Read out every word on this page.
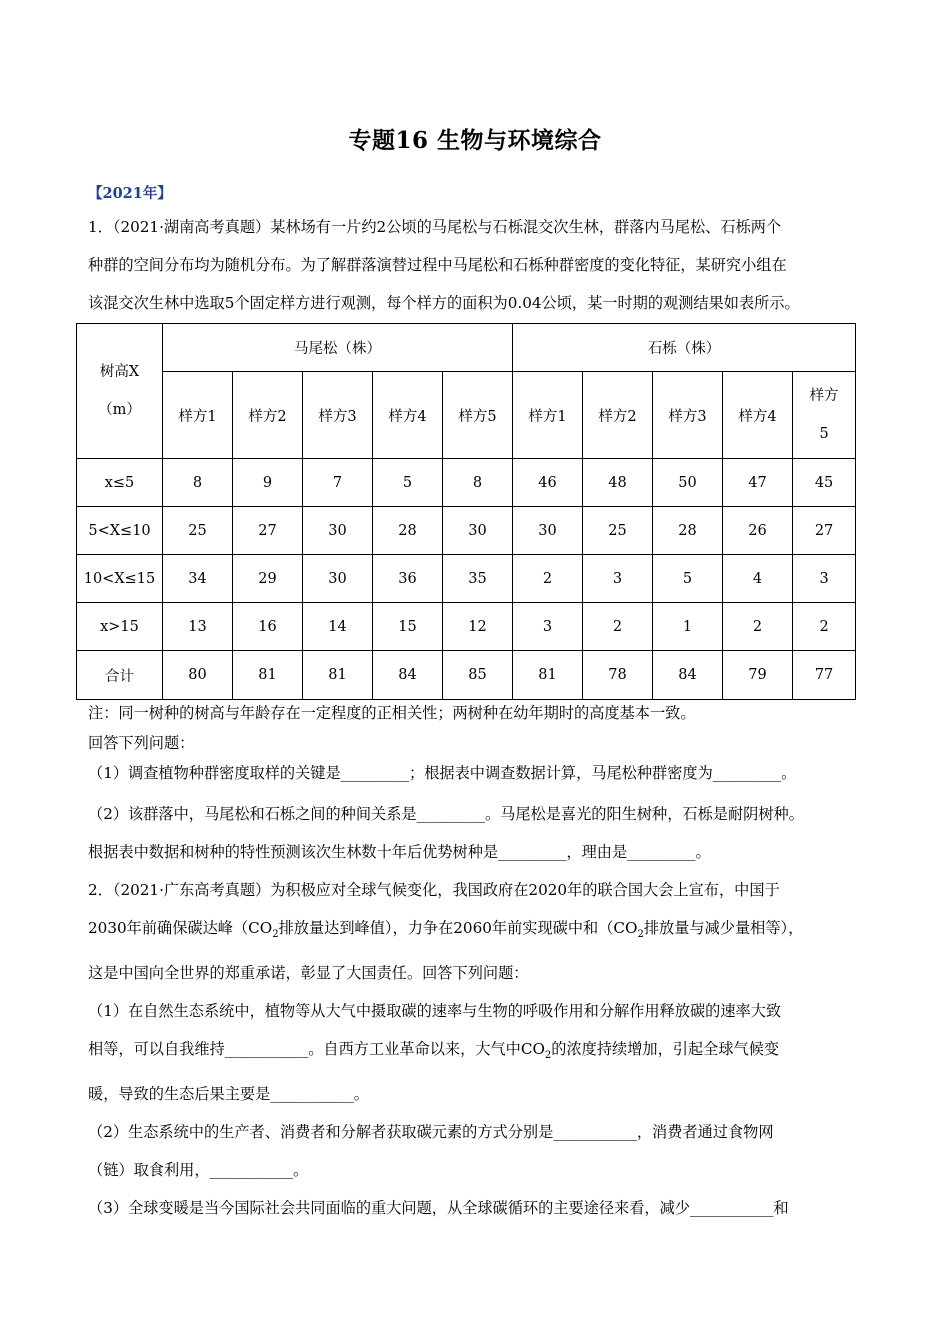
专题16 生物与环境综合
【2021年】

1．（2021·湖南高考真题）某林场有一片约2公顷的马尾松与石栎混交次生林，群落内马尾松、石栎两个
种群的空间分布均为随机分布。为了解群落演替过程中马尾松和石栎种群密度的变化特征，某研究小组在
该混交次生林中选取5个固定样方进行观测，每个样方的面积为0.04公顷，某一时期的观测结果如表所示。

树高X（m）	马尾松（株）					石栎（株）				
	样方1	样方2	样方3	样方4	样方5	样方1	样方2	样方3	样方4	样方5
x≤5	8	9	7	5	8	46	48	50	47	45
5<X≤10	25	27	30	28	30	30	25	28	26	27
10<X≤15	34	29	30	36	35	2	3	5	4	3
x>15	13	16	14	15	12	3	2	1	2	2
合计	80	81	81	84	85	81	78	84	79	77

注：同一树种的树高与年龄存在一定程度的正相关性；两树种在幼年期时的高度基本一致。
回答下列问题：
（1）调查植物种群密度取样的关键是_________；根据表中调查数据计算，马尾松种群密度为_________。

（2）该群落中，马尾松和石栎之间的种间关系是_________。马尾松是喜光的阳生树种，石栎是耐阴树种。
根据表中数据和树种的特性预测该次生林数十年后优势树种是_________，理由是_________。
2．（2021·广东高考真题）为积极应对全球气候变化，我国政府在2020年的联合国大会上宣布，中国于
2030年前确保碳达峰（$CO_2$排放量达到峰值），力争在2060年前实现碳中和（$CO_2$排放量与减少量相等），
这是中国向全世界的郑重承诺，彰显了大国责任。回答下列问题：
（1）在自然生态系统中，植物等从大气中摄取碳的速率与生物的呼吸作用和分解作用释放碳的速率大致
相等，可以自我维持___________。自西方工业革命以来，大气中$CO_2$的浓度持续增加，引起全球气候变
暖，导致的生态后果主要是___________。
（2）生态系统中的生产者、消费者和分解者获取碳元素的方式分别是___________，消费者通过食物网
（链）取食利用，___________。
（3）全球变暖是当今国际社会共同面临的重大问题，从全球碳循环的主要途径来看，减少___________和
